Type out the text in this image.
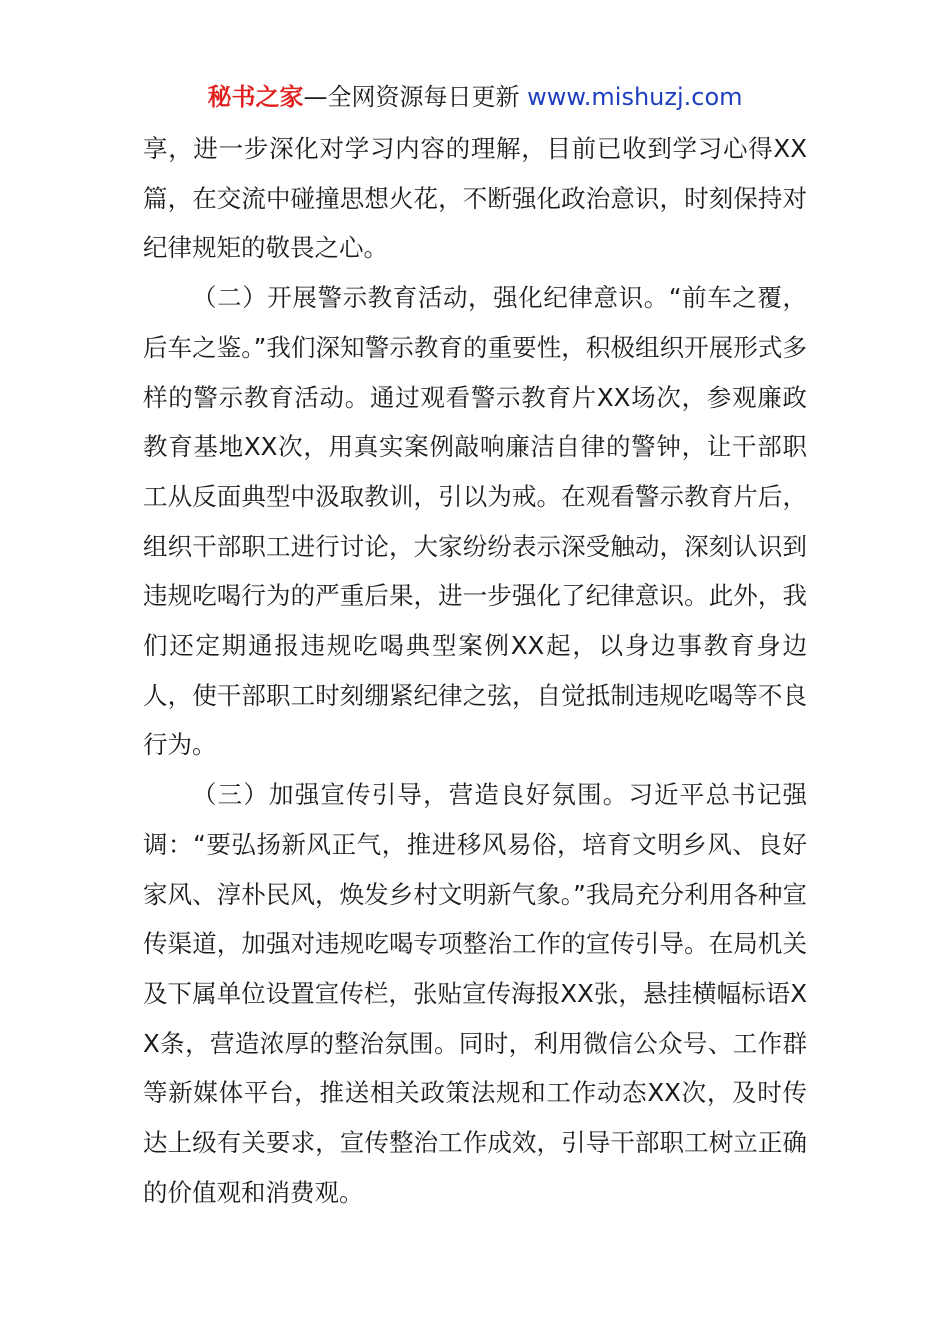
秘书之家—全网资源每日更新 www.mishuzj.com

享，进一步深化对学习内容的理解，目前已收到学习心得XX篇，在交流中碰撞思想火花，不断强化政治意识，时刻保持对纪律规矩的敬畏之心。

（二）开展警示教育活动，强化纪律意识。“前车之覆，后车之鉴。”我们深知警示教育的重要性，积极组织开展形式多样的警示教育活动。通过观看警示教育片XX场次，参观廉政教育基地XX次，用真实案例敲响廉洁自律的警钟，让干部职工从反面典型中汲取教训，引以为戒。在观看警示教育片后，组织干部职工进行讨论，大家纷纷表示深受触动，深刻认识到违规吃喝行为的严重后果，进一步强化了纪律意识。此外，我们还定期通报违规吃喝典型案例XX起，以身边事教育身边人，使干部职工时刻绷紧纪律之弦，自觉抵制违规吃喝等不良行为。

（三）加强宣传引导，营造良好氛围。习近平总书记强调：“要弘扬新风正气，推进移风易俗，培育文明乡风、良好家风、淳朴民风，焕发乡村文明新气象。”我局充分利用各种宣传渠道，加强对违规吃喝专项整治工作的宣传引导。在局机关及下属单位设置宣传栏，张贴宣传海报XX张，悬挂横幅标语XX条，营造浓厚的整治氛围。同时，利用微信公众号、工作群等新媒体平台，推送相关政策法规和工作动态XX次，及时传达上级有关要求，宣传整治工作成效，引导干部职工树立正确的价值观和消费观。
